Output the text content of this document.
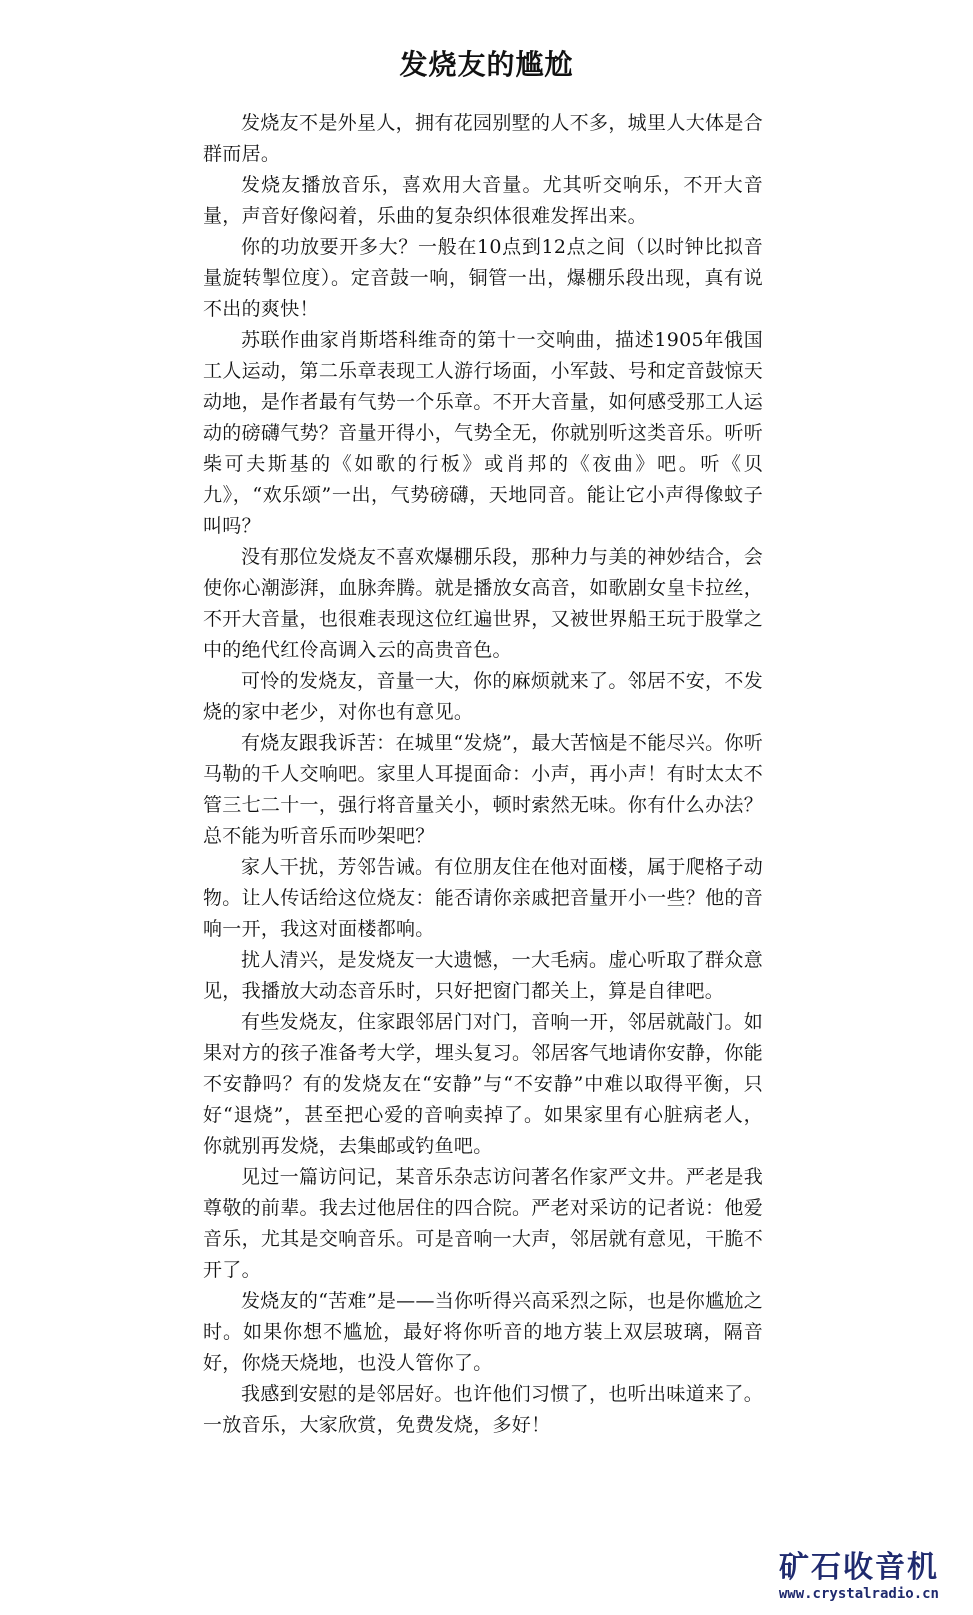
发烧友的尴尬

发烧友不是外星人，拥有花园别墅的人不多，城里人大体是合群而居。

发烧友播放音乐，喜欢用大音量。尤其听交响乐，不开大音量，声音好像闷着，乐曲的复杂织体很难发挥出来。

你的功放要开多大？一般在10点到12点之间（以时钟比拟音量旋转掣位度）。定音鼓一响，铜管一出，爆棚乐段出现，真有说不出的爽快！

苏联作曲家肖斯塔科维奇的第十一交响曲，描述1905年俄国工人运动，第二乐章表现工人游行场面，小军鼓、号和定音鼓惊天动地，是作者最有气势一个乐章。不开大音量，如何感受那工人运动的磅礴气势？音量开得小，气势全无，你就别听这类音乐。听听柴可夫斯基的《如歌的行板》或肖邦的《夜曲》吧。听《贝九》，“欢乐颂”一出，气势磅礴，天地同音。能让它小声得像蚊子叫吗？

没有那位发烧友不喜欢爆棚乐段，那种力与美的神妙结合，会使你心潮澎湃，血脉奔腾。就是播放女高音，如歌剧女皇卡拉丝，不开大音量，也很难表现这位红遍世界，又被世界船王玩于股掌之中的绝代红伶高调入云的高贵音色。

可怜的发烧友，音量一大，你的麻烦就来了。邻居不安，不发烧的家中老少，对你也有意见。

有烧友跟我诉苦：在城里“发烧”，最大苦恼是不能尽兴。你听马勒的千人交响吧。家里人耳提面命：小声，再小声！有时太太不管三七二十一，强行将音量关小，顿时索然无味。你有什么办法？总不能为听音乐而吵架吧？

家人干扰，芳邻告诫。有位朋友住在他对面楼，属于爬格子动物。让人传话给这位烧友：能否请你亲戚把音量开小一些？他的音响一开，我这对面楼都响。

扰人清兴，是发烧友一大遗憾，一大毛病。虚心听取了群众意见，我播放大动态音乐时，只好把窗门都关上，算是自律吧。

有些发烧友，住家跟邻居门对门，音响一开，邻居就敲门。如果对方的孩子准备考大学，埋头复习。邻居客气地请你安静，你能不安静吗？有的发烧友在“安静”与“不安静”中难以取得平衡，只好“退烧”，甚至把心爱的音响卖掉了。如果家里有心脏病老人，你就别再发烧，去集邮或钓鱼吧。

见过一篇访问记，某音乐杂志访问著名作家严文井。严老是我尊敬的前辈。我去过他居住的四合院。严老对采访的记者说：他爱音乐，尤其是交响音乐。可是音响一大声，邻居就有意见，干脆不开了。

发烧友的“苦难”是——当你听得兴高采烈之际，也是你尴尬之时。如果你想不尴尬，最好将你听音的地方装上双层玻璃，隔音好，你烧天烧地，也没人管你了。

我感到安慰的是邻居好。也许他们习惯了，也听出味道来了。一放音乐，大家欣赏，免费发烧，多好！

矿石收音机
www.crystalradio.cn
